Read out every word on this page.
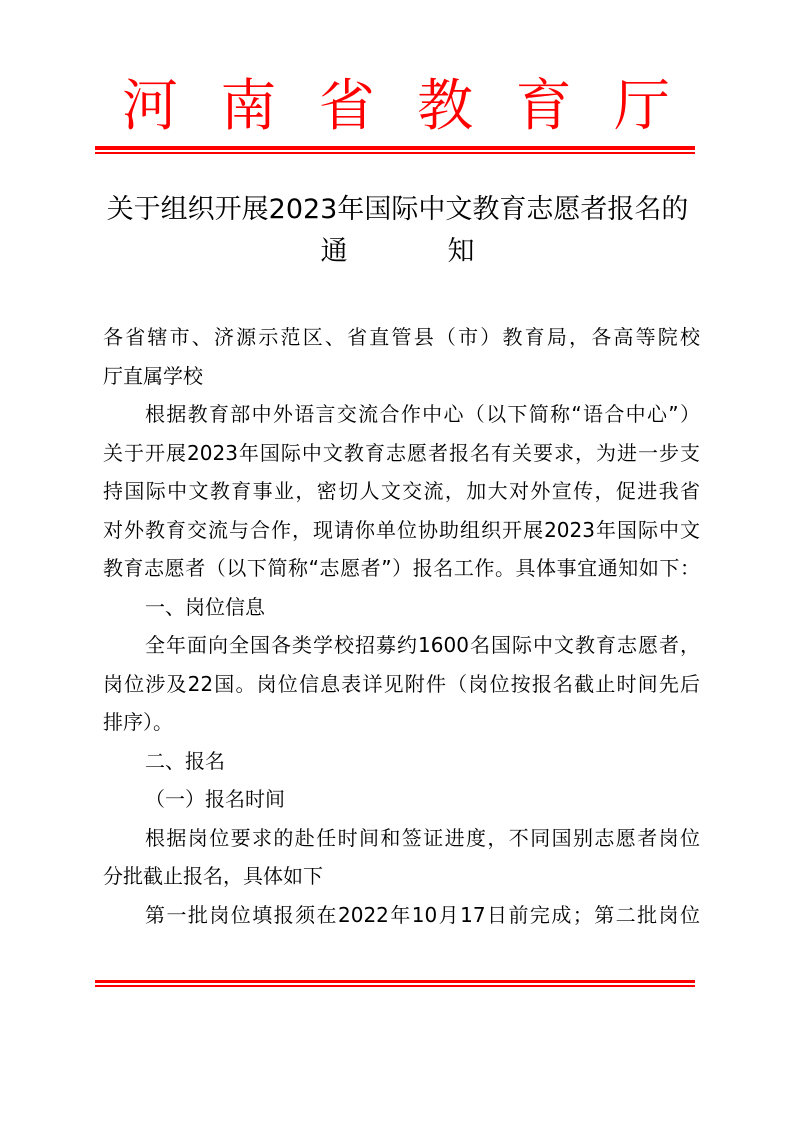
河 南 省 教 育 厅
关于组织开展2023年国际中文教育志愿者报名的
通	知
各省辖市、济源示范区、省直管县（市）教育局，各高等院校
厅直属学校
根据教育部中外语言交流合作中心（以下简称“语合中心”）
关于开展2023年国际中文教育志愿者报名有关要求，为进一步支
持国际中文教育事业，密切人文交流，加大对外宣传，促进我省
对外教育交流与合作，现请你单位协助组织开展2023年国际中文
教育志愿者（以下简称“志愿者”）报名工作。具体事宜通知如下：
一、岗位信息
全年面向全国各类学校招募约1600名国际中文教育志愿者，
岗位涉及22国。岗位信息表详见附件（岗位按报名截止时间先后
排序）。
二、报名
（一）报名时间
根据岗位要求的赴任时间和签证进度，不同国别志愿者岗位
分批截止报名，具体如下
第一批岗位填报须在2022年10月17日前完成；第二批岗位
